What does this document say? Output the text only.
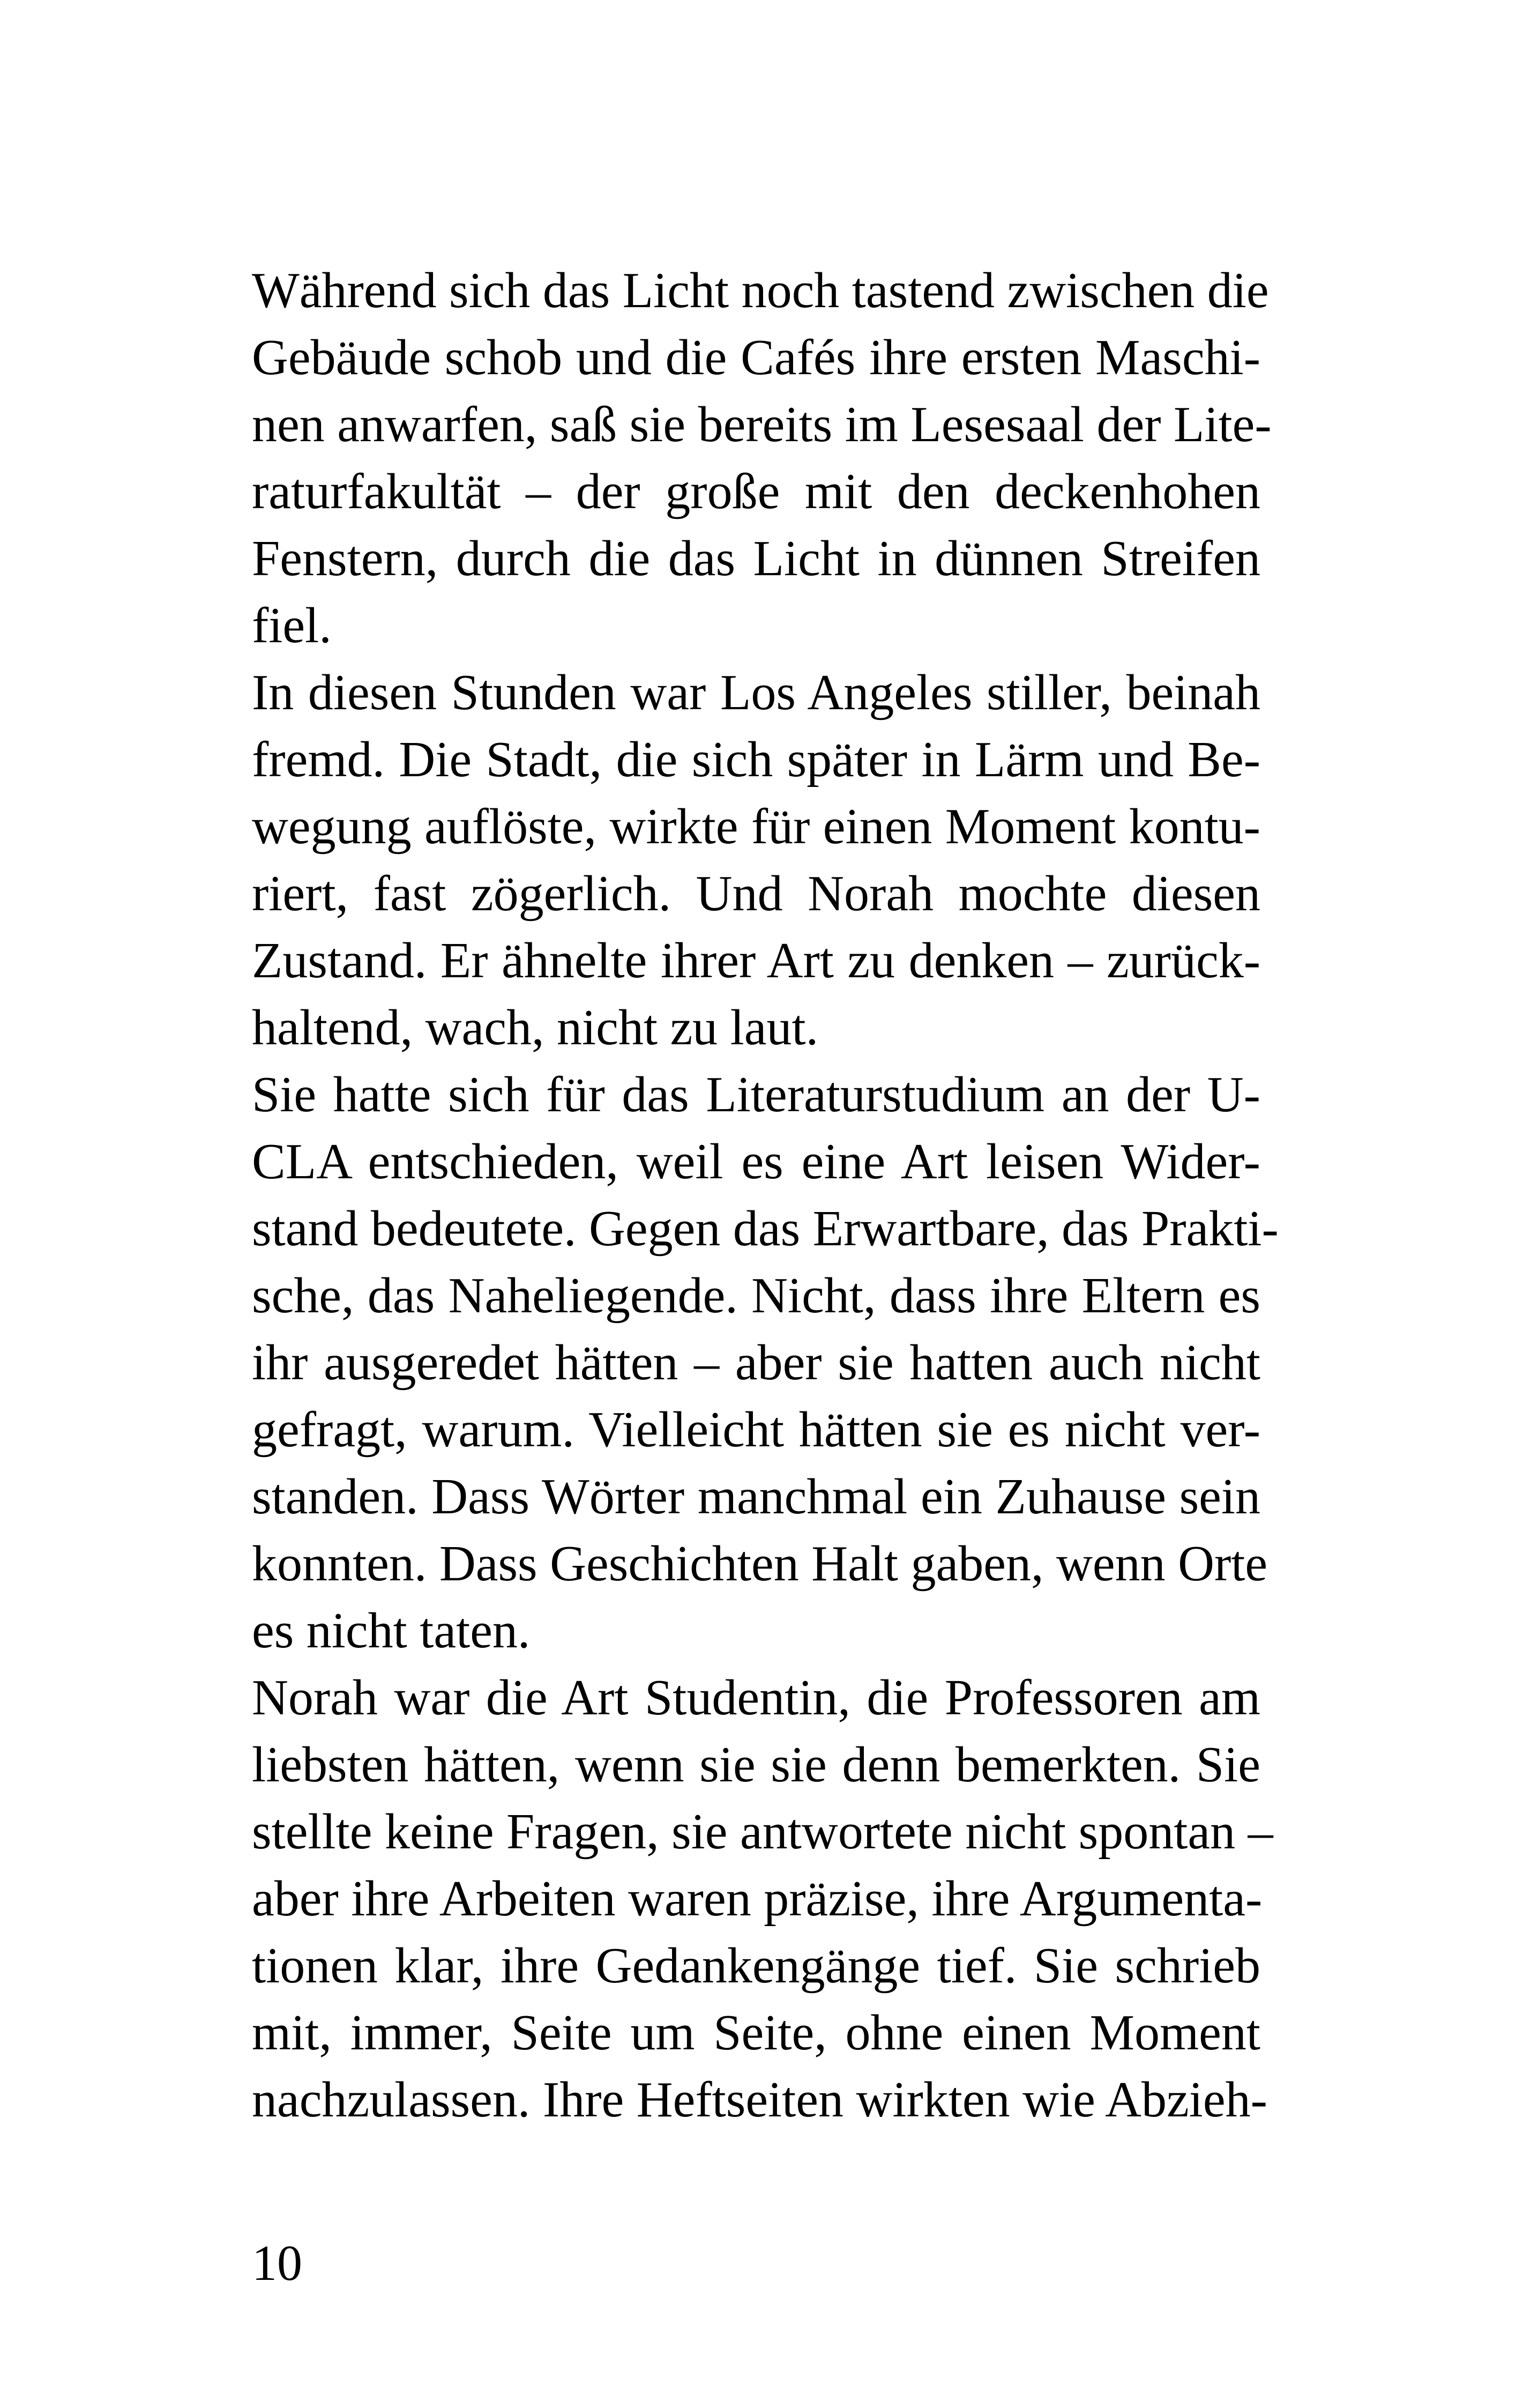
Während sich das Licht noch tastend zwischen die
Gebäude schob und die Cafés ihre ersten Maschi-
nen anwarfen, saß sie bereits im Lesesaal der Lite-
raturfakultät – der große mit den deckenhohen
Fenstern, durch die das Licht in dünnen Streifen
fiel.
In diesen Stunden war Los Angeles stiller, beinah
fremd. Die Stadt, die sich später in Lärm und Be-
wegung auflöste, wirkte für einen Moment kontu-
riert, fast zögerlich. Und Norah mochte diesen
Zustand. Er ähnelte ihrer Art zu denken – zurück-
haltend, wach, nicht zu laut.
Sie hatte sich für das Literaturstudium an der U-
CLA entschieden, weil es eine Art leisen Wider-
stand bedeutete. Gegen das Erwartbare, das Prakti-
sche, das Naheliegende. Nicht, dass ihre Eltern es
ihr ausgeredet hätten – aber sie hatten auch nicht
gefragt, warum. Vielleicht hätten sie es nicht ver-
standen. Dass Wörter manchmal ein Zuhause sein
konnten. Dass Geschichten Halt gaben, wenn Orte
es nicht taten.
Norah war die Art Studentin, die Professoren am
liebsten hätten, wenn sie sie denn bemerkten. Sie
stellte keine Fragen, sie antwortete nicht spontan –
aber ihre Arbeiten waren präzise, ihre Argumenta-
tionen klar, ihre Gedankengänge tief. Sie schrieb
mit, immer, Seite um Seite, ohne einen Moment
nachzulassen. Ihre Heftseiten wirkten wie Abzieh-
10
